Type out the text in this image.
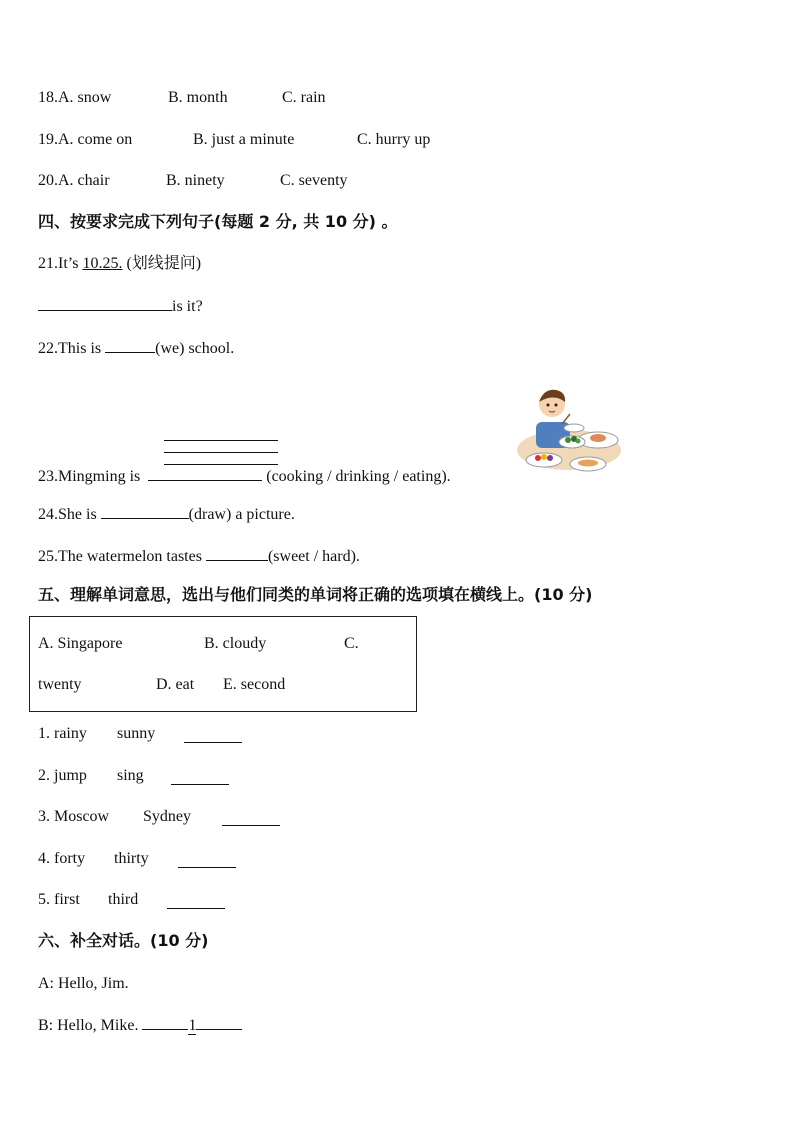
18.A. snow	B. month	C. rain
19.A. come on	B. just a minute	C. hurry up
20.A. chair	B. ninety	C. seventy
四、按要求完成下列句子(每题 2 分, 共 10 分) 。
21.It’s 10.25. (划线提问)
is it?
22.This is	(we) school.
23.Mingming is	(cooking / drinking / eating).
24.She is	(draw) a picture.
25.The watermelon tastes	(sweet / hard).
五、理解单词意思，选出与他们同类的单词将正确的选项填在横线上。(10 分)
A. Singapore	B. cloudy	C.
twenty	D. eat E. second
1. rainy sunny
2. jump sing
3. Moscow Sydney
4. forty thirty
5. first third
六、补全对话。(10 分)
A: Hello, Jim.
B: Hello, Mike.	1
